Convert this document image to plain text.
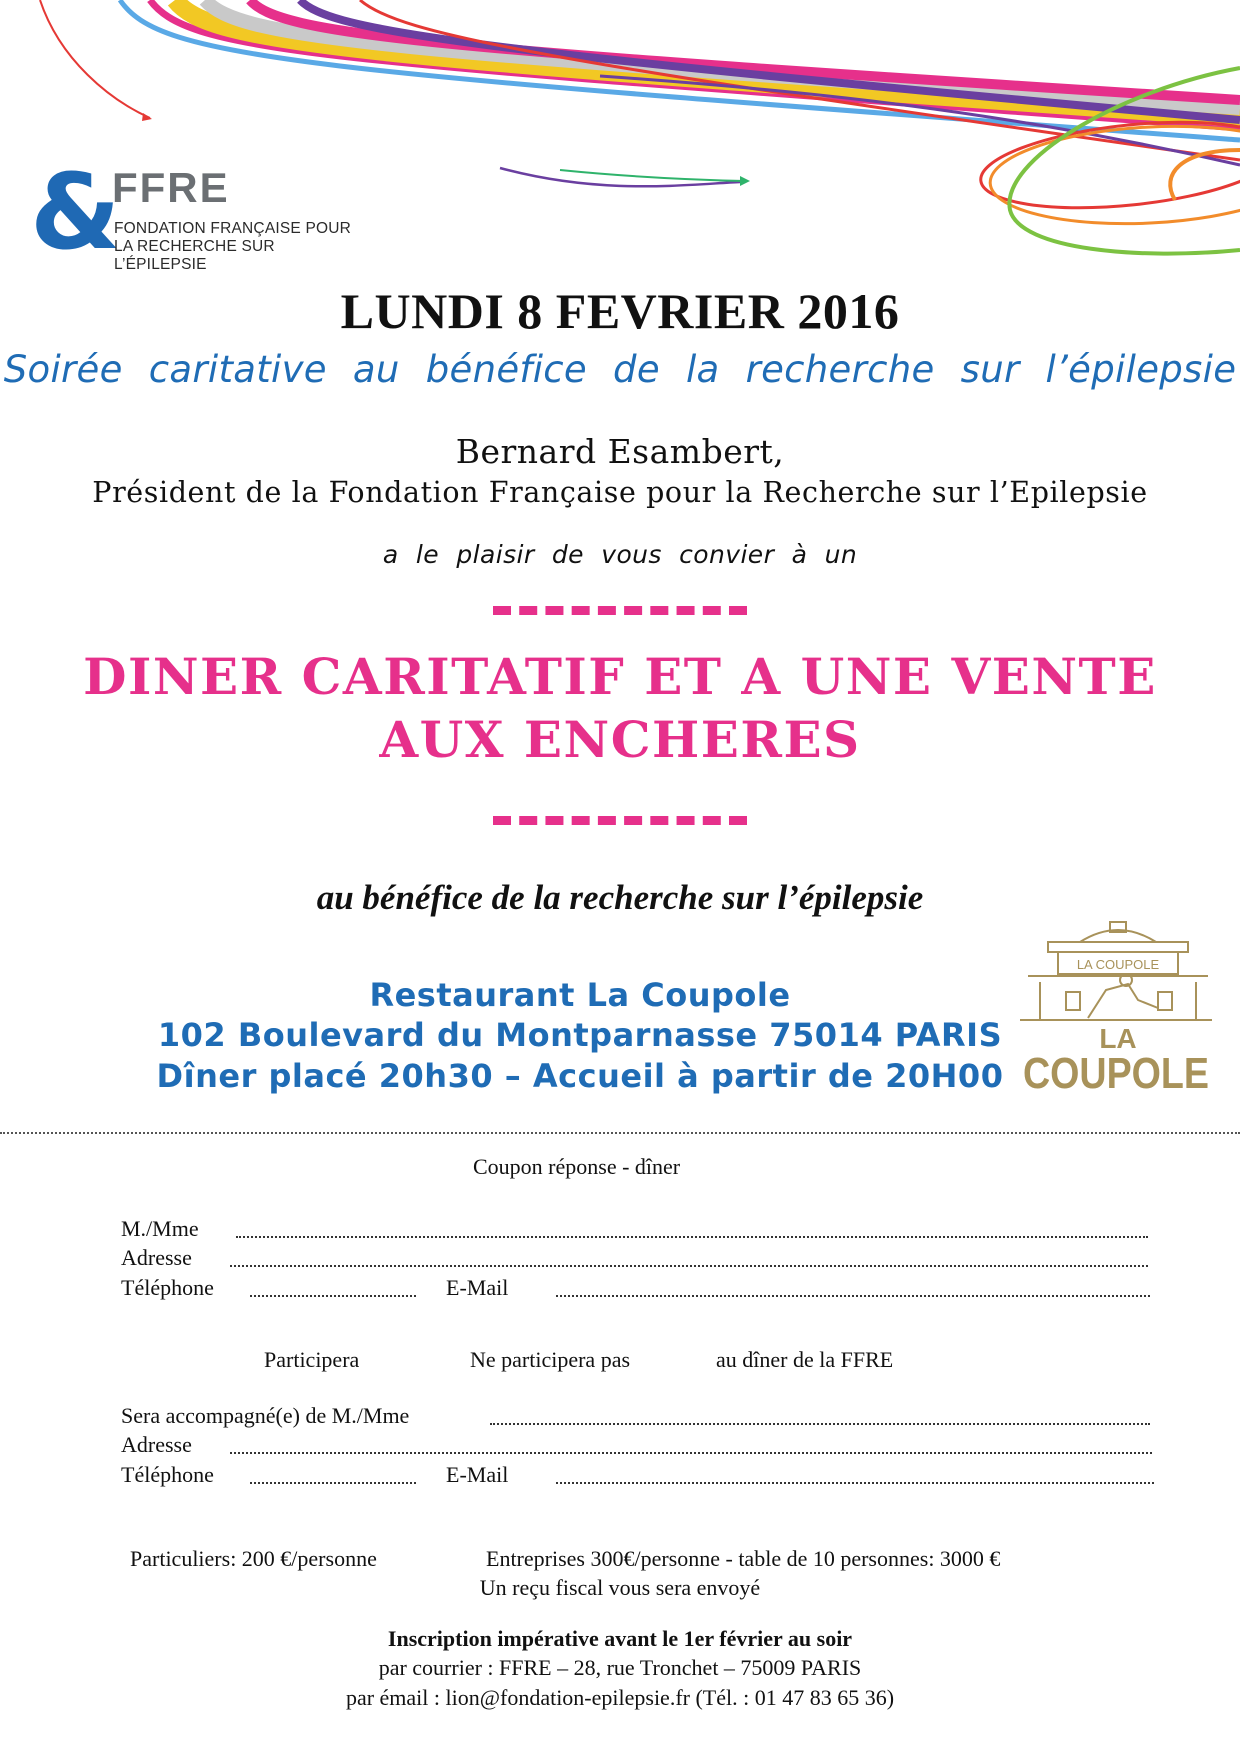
&
FFRE
FONDATION FRANÇAISE POUR
LA RECHERCHE SUR L’ÉPILEPSIE
LUNDI 8 FEVRIER 2016
Soirée caritative au bénéfice de la recherche sur l’épilepsie
Bernard Esambert,
Président de la Fondation Française pour la Recherche sur l’Epilepsie
a le plaisir de vous convier à un
DINER CARITATIF ET A UNE VENTE
AUX ENCHERES
au bénéfice de la recherche sur l’épilepsie
Restaurant La Coupole
102 Boulevard du Montparnasse 75014 PARIS
Dîner placé 20h30 – Accueil à partir de 20H00
LA COUPOLE
LA
COUPOLE
Coupon réponse - dîner
M./Mme
Adresse
Téléphone	E-Mail
Participera	Ne participera pas	au dîner de la FFRE
Sera accompagné(e) de M./Mme
Adresse
Téléphone	E-Mail
Particuliers: 200 €/personne	Entreprises 300€/personne - table de 10 personnes: 3000 €
Un reçu fiscal vous sera envoyé
Inscription impérative avant le 1er février au soir
par courrier : FFRE – 28, rue Tronchet – 75009 PARIS
par émail : lion@fondation-epilepsie.fr (Tél. : 01 47 83 65 36)
